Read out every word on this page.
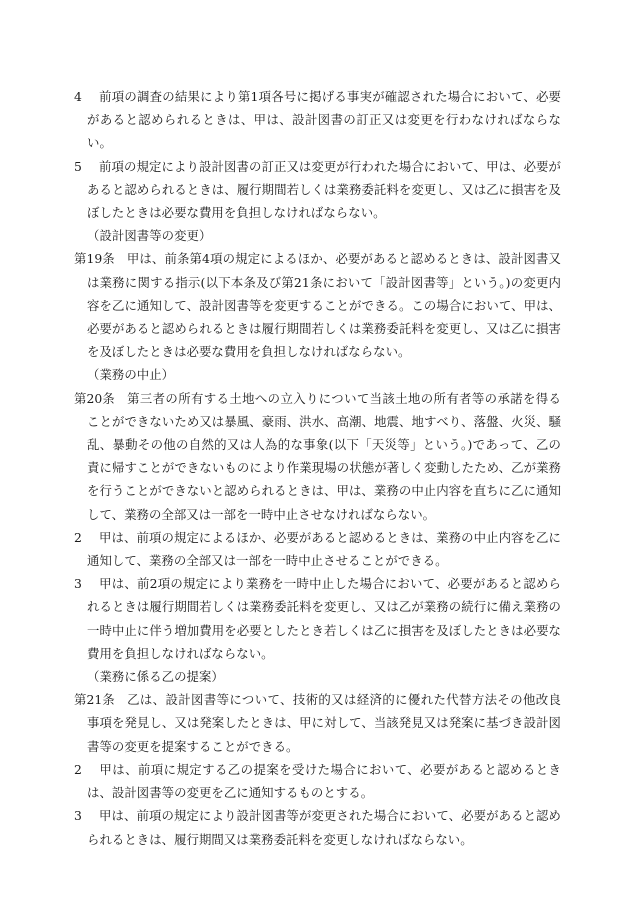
4 前項の調査の結果により第1項各号に掲げる事実が確認された場合において、必要があると認められるときは、甲は、設計図書の訂正又は変更を行わなければならない。

5 前項の規定により設計図書の訂正又は変更が行われた場合において、甲は、必要があると認められるときは、履行期間若しくは業務委託料を変更し、又は乙に損害を及ぼしたときは必要な費用を負担しなければならない。

（設計図書等の変更）

第19条 甲は、前条第4項の規定によるほか、必要があると認めるときは、設計図書又は業務に関する指示(以下本条及び第21条において「設計図書等」という。)の変更内容を乙に通知して、設計図書等を変更することができる。この場合において、甲は、必要があると認められるときは履行期間若しくは業務委託料を変更し、又は乙に損害を及ぼしたときは必要な費用を負担しなければならない。

（業務の中止）

第20条 第三者の所有する土地への立入りについて当該土地の所有者等の承諾を得ることができないため又は暴風、豪雨、洪水、高潮、地震、地すべり、落盤、火災、騒乱、暴動その他の自然的又は人為的な事象(以下「天災等」という。)であって、乙の責に帰すことができないものにより作業現場の状態が著しく変動したため、乙が業務を行うことができないと認められるときは、甲は、業務の中止内容を直ちに乙に通知して、業務の全部又は一部を一時中止させなければならない。

2 甲は、前項の規定によるほか、必要があると認めるときは、業務の中止内容を乙に通知して、業務の全部又は一部を一時中止させることができる。

3 甲は、前2項の規定により業務を一時中止した場合において、必要があると認められるときは履行期間若しくは業務委託料を変更し、又は乙が業務の続行に備え業務の一時中止に伴う増加費用を必要としたとき若しくは乙に損害を及ぼしたときは必要な費用を負担しなければならない。

（業務に係る乙の提案）

第21条 乙は、設計図書等について、技術的又は経済的に優れた代替方法その他改良事項を発見し、又は発案したときは、甲に対して、当該発見又は発案に基づき設計図書等の変更を提案することができる。

2 甲は、前項に規定する乙の提案を受けた場合において、必要があると認めるときは、設計図書等の変更を乙に通知するものとする。

3 甲は、前項の規定により設計図書等が変更された場合において、必要があると認められるときは、履行期間又は業務委託料を変更しなければならない。
